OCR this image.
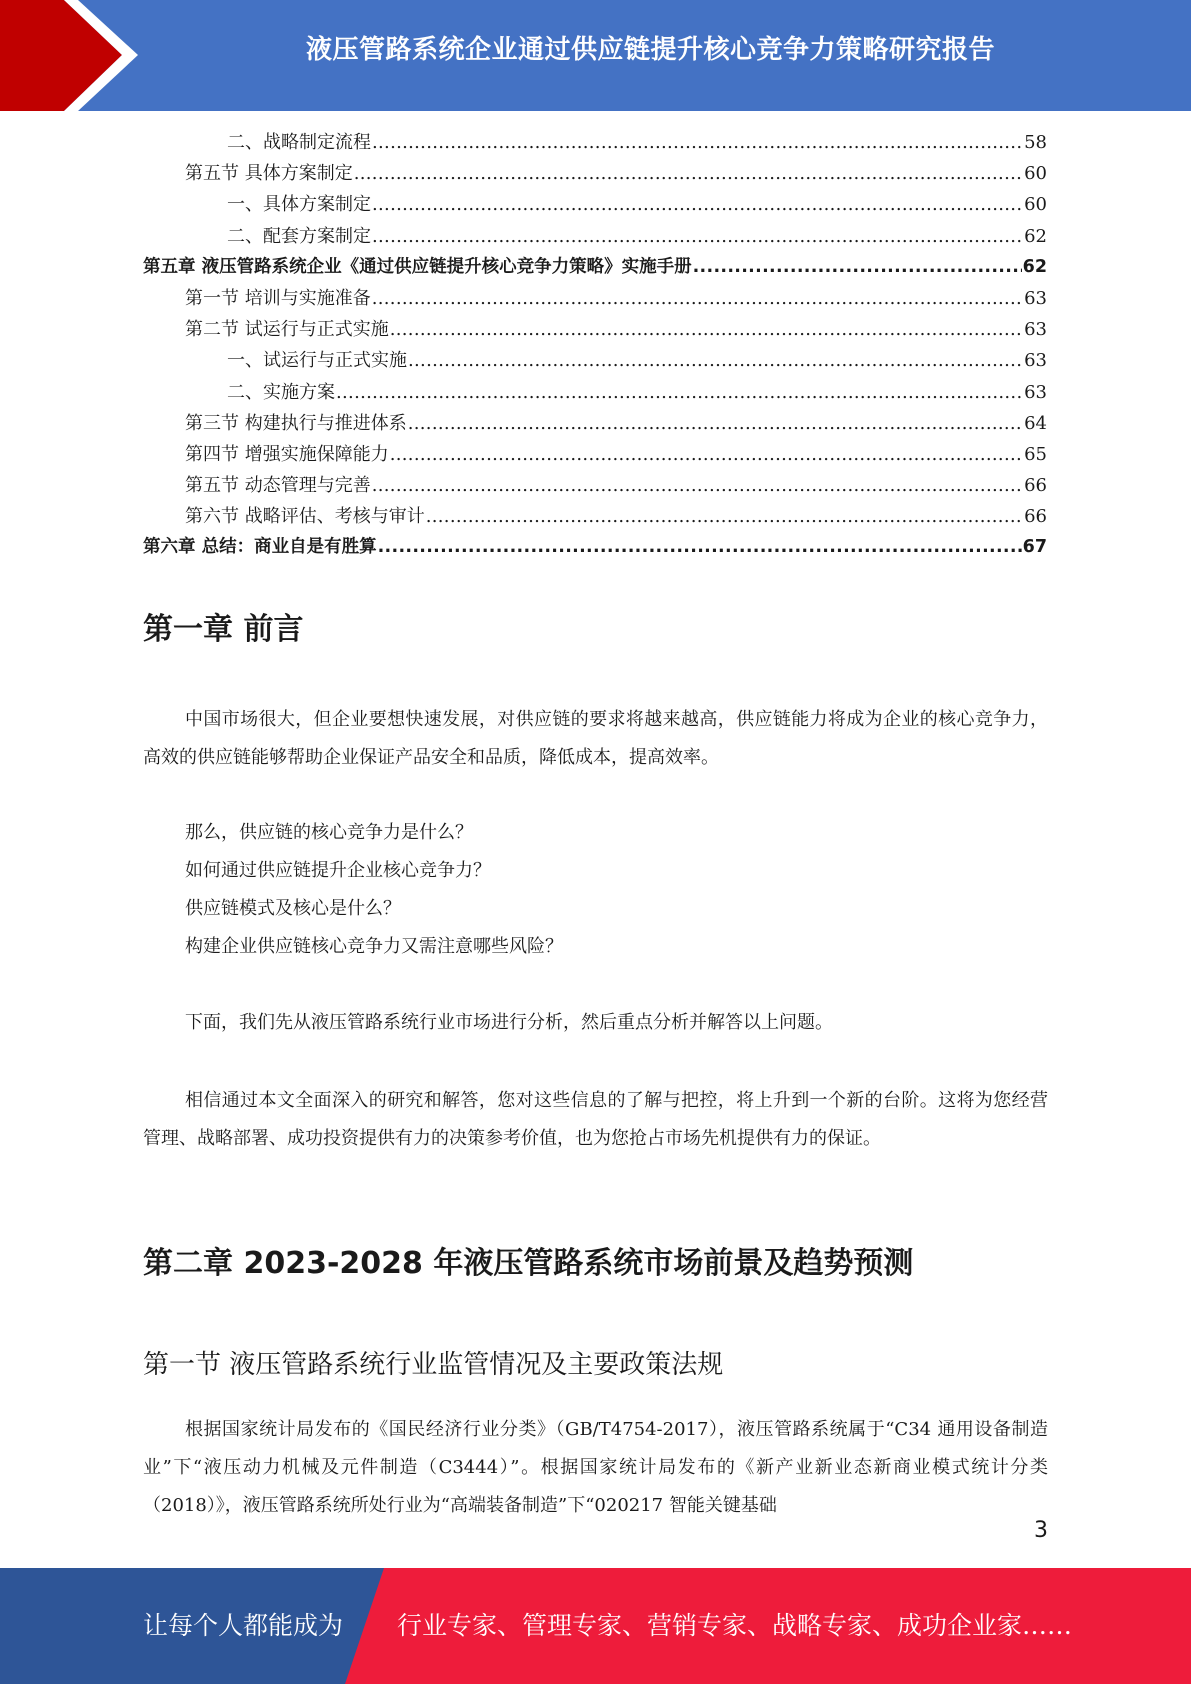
液压管路系统企业通过供应链提升核心竞争力策略研究报告
二、战略制定流程 .....	58
第五节 具体方案制定 .....	60
一、具体方案制定 .....	60
二、配套方案制定 .....	62
第五章 液压管路系统企业《通过供应链提升核心竞争力策略》实施手册 .....	62
第一节 培训与实施准备 .....	63
第二节 试运行与正式实施 .....	63
一、试运行与正式实施 .....	63
二、实施方案 .....	63
第三节 构建执行与推进体系 .....	64
第四节 增强实施保障能力 .....	65
第五节 动态管理与完善 .....	66
第六节 战略评估、考核与审计 .....	66
第六章 总结：商业自是有胜算 .....	67
第一章 前言
中国市场很大，但企业要想快速发展，对供应链的要求将越来越高，供应链能力将成为企业的核心竞争力，高效的供应链能够帮助企业保证产品安全和品质，降低成本，提高效率。
那么，供应链的核心竞争力是什么？
如何通过供应链提升企业核心竞争力？
供应链模式及核心是什么？
构建企业供应链核心竞争力又需注意哪些风险？
下面，我们先从液压管路系统行业市场进行分析，然后重点分析并解答以上问题。
相信通过本文全面深入的研究和解答，您对这些信息的了解与把控，将上升到一个新的台阶。这将为您经营管理、战略部署、成功投资提供有力的决策参考价值，也为您抢占市场先机提供有力的保证。
第二章 2023-2028 年液压管路系统市场前景及趋势预测
第一节 液压管路系统行业监管情况及主要政策法规
根据国家统计局发布的《国民经济行业分类》（GB/T4754-2017），液压管路系统属于“C34 通用设备制造业”下“液压动力机械及元件制造（C3444）”。根据国家统计局发布的《新产业新业态新商业模式统计分类（2018）》，液压管路系统所处行业为“高端装备制造”下“020217 智能关键基础
3
让每个人都能成为 行业专家、管理专家、营销专家、战略专家、成功企业家……
